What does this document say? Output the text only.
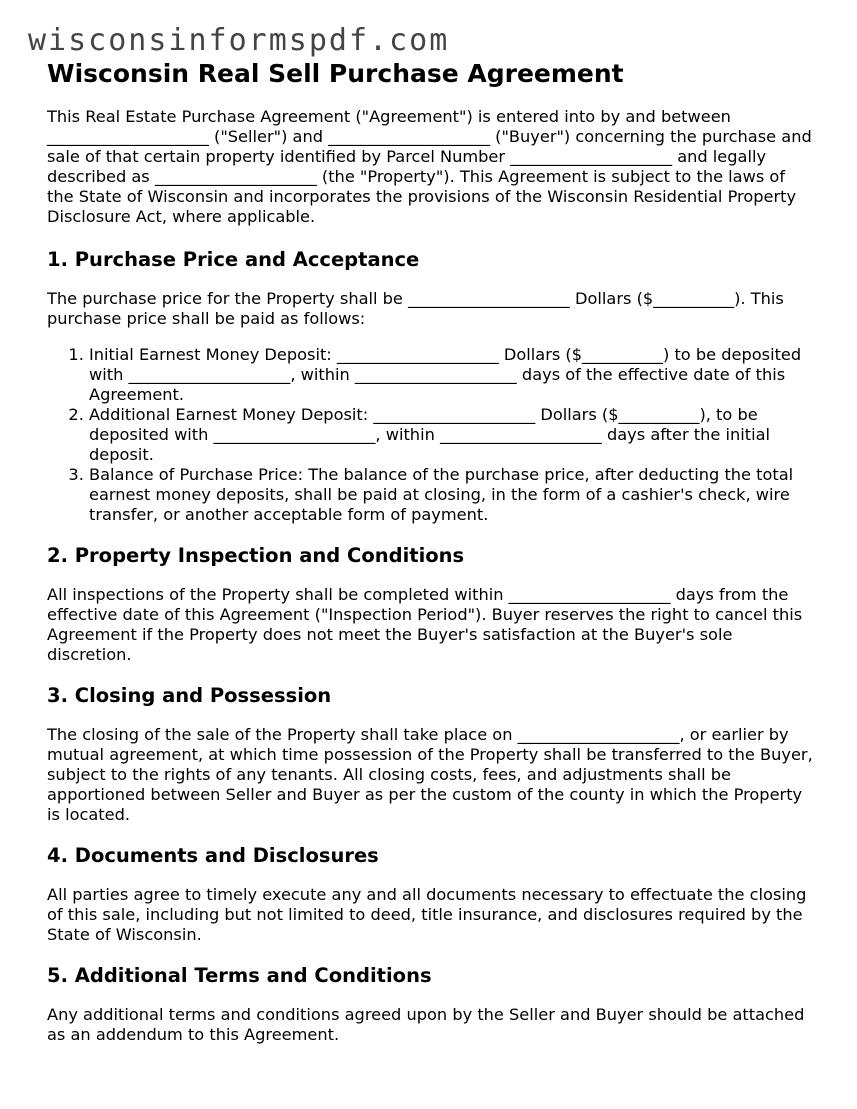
wisconsinformspdf.com
Wisconsin Real Sell Purchase Agreement

This Real Estate Purchase Agreement ("Agreement") is entered into by and between ____________________ ("Seller") and ____________________ ("Buyer") concerning the purchase and sale of that certain property identified by Parcel Number ____________________ and legally described as ____________________ (the "Property"). This Agreement is subject to the laws of the State of Wisconsin and incorporates the provisions of the Wisconsin Residential Property Disclosure Act, where applicable.

1. Purchase Price and Acceptance

The purchase price for the Property shall be ____________________ Dollars ($__________). This purchase price shall be paid as follows:

1. Initial Earnest Money Deposit: ____________________ Dollars ($__________) to be deposited with ____________________, within ____________________ days of the effective date of this Agreement.
2. Additional Earnest Money Deposit: ____________________ Dollars ($__________), to be deposited with ____________________, within ____________________ days after the initial deposit.
3. Balance of Purchase Price: The balance of the purchase price, after deducting the total earnest money deposits, shall be paid at closing, in the form of a cashier's check, wire transfer, or another acceptable form of payment.
2. Property Inspection and Conditions

All inspections of the Property shall be completed within ____________________ days from the effective date of this Agreement ("Inspection Period"). Buyer reserves the right to cancel this Agreement if the Property does not meet the Buyer's satisfaction at the Buyer's sole discretion.

3. Closing and Possession

The closing of the sale of the Property shall take place on ____________________, or earlier by mutual agreement, at which time possession of the Property shall be transferred to the Buyer, subject to the rights of any tenants. All closing costs, fees, and adjustments shall be apportioned between Seller and Buyer as per the custom of the county in which the Property is located.

4. Documents and Disclosures

All parties agree to timely execute any and all documents necessary to effectuate the closing of this sale, including but not limited to deed, title insurance, and disclosures required by the State of Wisconsin.

5. Additional Terms and Conditions

Any additional terms and conditions agreed upon by the Seller and Buyer should be attached as an addendum to this Agreement.
